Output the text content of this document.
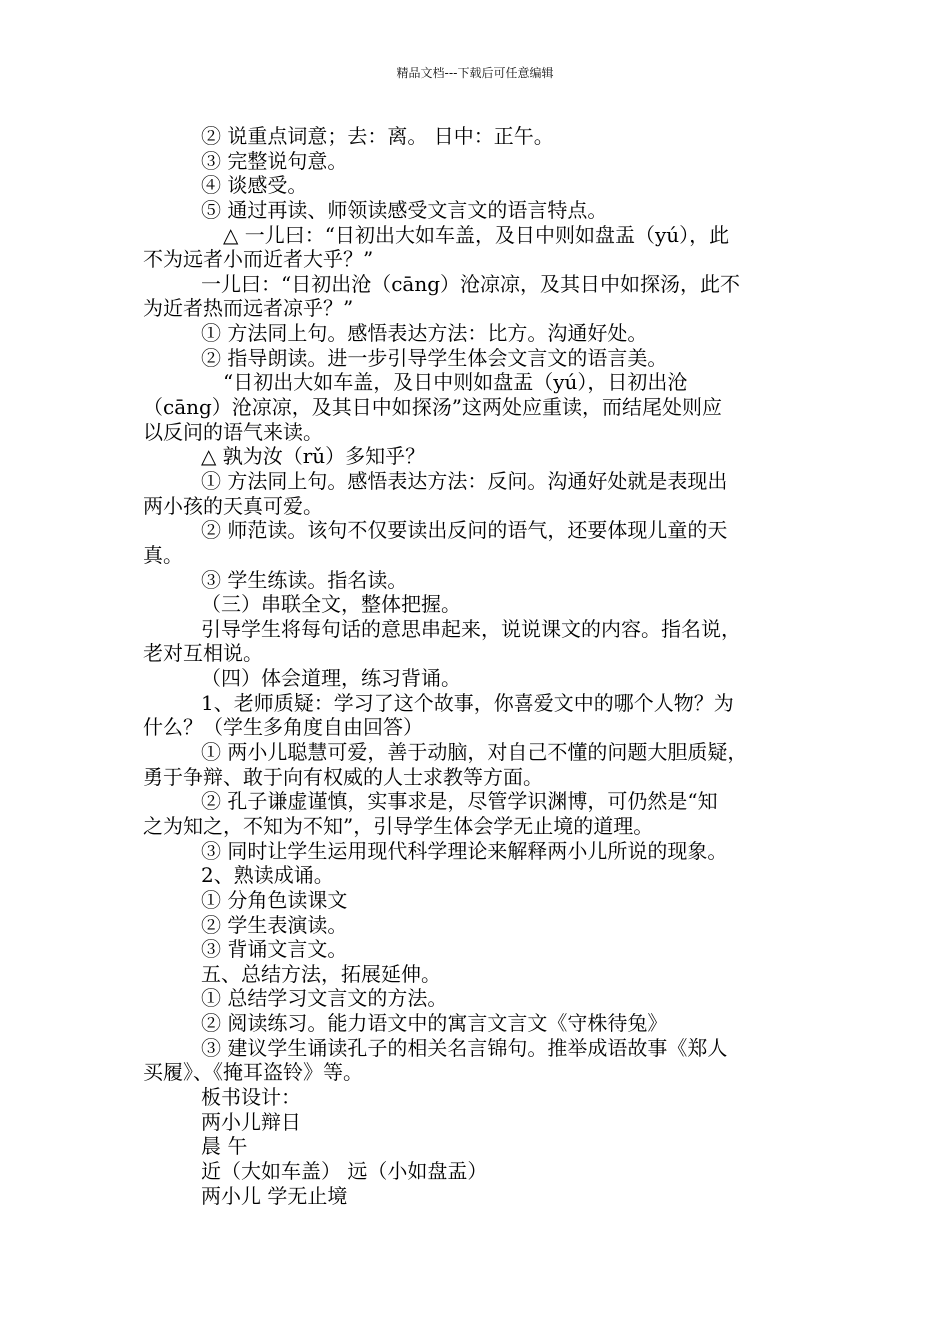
精品文档---下载后可任意编辑
② 说重点词意；去：离。 日中：正午。
③ 完整说句意。
④ 谈感受。
⑤ 通过再读、师领读感受文言文的语言特点。
△ 一儿曰：“日初出大如车盖，及日中则如盘盂（yú），此
不为远者小而近者大乎？”
一儿曰：“日初出沧（cāng）沧凉凉，及其日中如探汤，此不
为近者热而远者凉乎？”
① 方法同上句。感悟表达方法：比方。沟通好处。
② 指导朗读。进一步引导学生体会文言文的语言美。
“日初出大如车盖，及日中则如盘盂（yú），日初出沧
（cāng）沧凉凉，及其日中如探汤”这两处应重读，而结尾处则应
以反问的语气来读。
△ 孰为汝（rǔ）多知乎？
① 方法同上句。感悟表达方法：反问。沟通好处就是表现出
两小孩的天真可爱。
② 师范读。该句不仅要读出反问的语气，还要体现儿童的天
真。
③ 学生练读。指名读。
（三）串联全文，整体把握。
引导学生将每句话的意思串起来，说说课文的内容。指名说，
老对互相说。
（四）体会道理，练习背诵。
1、老师质疑：学习了这个故事，你喜爱文中的哪个人物？为
什么？（学生多角度自由回答）
① 两小儿聪慧可爱，善于动脑，对自己不懂的问题大胆质疑，
勇于争辩、敢于向有权威的人士求教等方面。
② 孔子谦虚谨慎，实事求是，尽管学识渊博，可仍然是“知
之为知之，不知为不知”，引导学生体会学无止境的道理。
③ 同时让学生运用现代科学理论来解释两小儿所说的现象。
2、熟读成诵。
① 分角色读课文
② 学生表演读。
③ 背诵文言文。
五、总结方法，拓展延伸。
① 总结学习文言文的方法。
② 阅读练习。能力语文中的寓言文言文《守株待兔》
③ 建议学生诵读孔子的相关名言锦句。推举成语故事《郑人
买履》、《掩耳盗铃》等。
板书设计：
两小儿辩日
晨 午
近（大如车盖） 远（小如盘盂）
两小儿 学无止境
